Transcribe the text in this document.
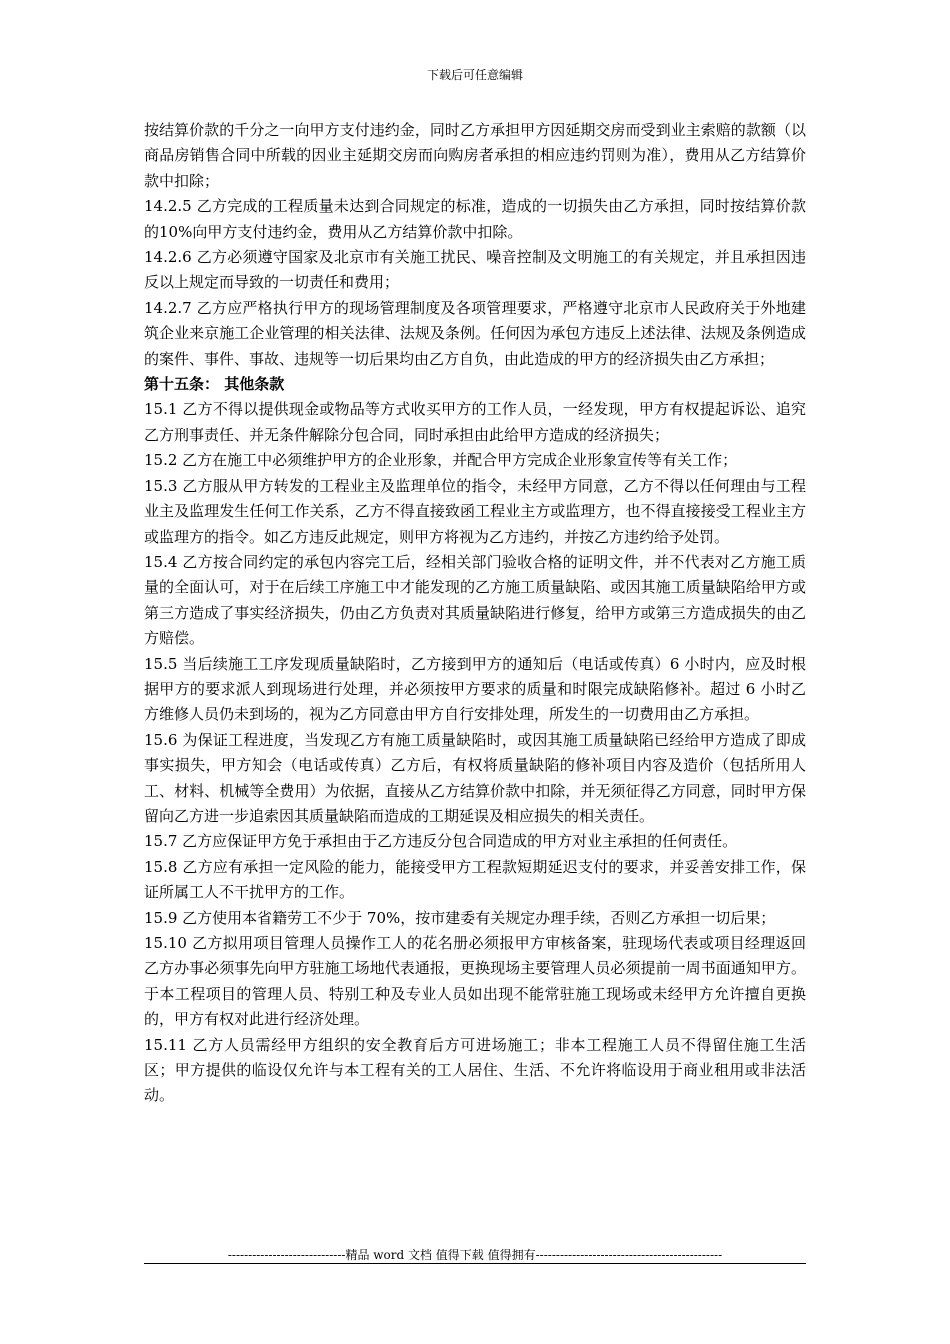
下载后可任意编辑

按结算价款的千分之一向甲方支付违约金，同时乙方承担甲方因延期交房而受到业主索赔的款额（以商品房销售合同中所载的因业主延期交房而向购房者承担的相应违约罚则为准），费用从乙方结算价款中扣除；

14.2.5 乙方完成的工程质量未达到合同规定的标准，造成的一切损失由乙方承担，同时按结算价款的10%向甲方支付违约金，费用从乙方结算价款中扣除。

14.2.6 乙方必须遵守国家及北京市有关施工扰民、噪音控制及文明施工的有关规定，并且承担因违反以上规定而导致的一切责任和费用；

14.2.7 乙方应严格执行甲方的现场管理制度及各项管理要求，严格遵守北京市人民政府关于外地建筑企业来京施工企业管理的相关法律、法规及条例。任何因为承包方违反上述法律、法规及条例造成的案件、事件、事故、违规等一切后果均由乙方自负，由此造成的甲方的经济损失由乙方承担；

第十五条： 其他条款

15.1 乙方不得以提供现金或物品等方式收买甲方的工作人员，一经发现，甲方有权提起诉讼、追究乙方刑事责任、并无条件解除分包合同，同时承担由此给甲方造成的经济损失；

15.2 乙方在施工中必须维护甲方的企业形象，并配合甲方完成企业形象宣传等有关工作；

15.3 乙方服从甲方转发的工程业主及监理单位的指令，未经甲方同意，乙方不得以任何理由与工程业主及监理发生任何工作关系，乙方不得直接致函工程业主方或监理方，也不得直接接受工程业主方或监理方的指令。如乙方违反此规定，则甲方将视为乙方违约，并按乙方违约给予处罚。

15.4 乙方按合同约定的承包内容完工后，经相关部门验收合格的证明文件，并不代表对乙方施工质量的全面认可，对于在后续工序施工中才能发现的乙方施工质量缺陷、或因其施工质量缺陷给甲方或第三方造成了事实经济损失，仍由乙方负责对其质量缺陷进行修复，给甲方或第三方造成损失的由乙方赔偿。

15.5 当后续施工工序发现质量缺陷时，乙方接到甲方的通知后（电话或传真）6 小时内，应及时根据甲方的要求派人到现场进行处理，并必须按甲方要求的质量和时限完成缺陷修补。超过 6 小时乙方维修人员仍未到场的，视为乙方同意由甲方自行安排处理，所发生的一切费用由乙方承担。

15.6 为保证工程进度，当发现乙方有施工质量缺陷时，或因其施工质量缺陷已经给甲方造成了即成事实损失，甲方知会（电话或传真）乙方后，有权将质量缺陷的修补项目内容及造价（包括所用人工、材料、机械等全费用）为依据，直接从乙方结算价款中扣除，并无须征得乙方同意，同时甲方保留向乙方进一步追索因其质量缺陷而造成的工期延误及相应损失的相关责任。

15.7 乙方应保证甲方免于承担由于乙方违反分包合同造成的甲方对业主承担的任何责任。

15.8 乙方应有承担一定风险的能力，能接受甲方工程款短期延迟支付的要求，并妥善安排工作，保证所属工人不干扰甲方的工作。

15.9 乙方使用本省籍劳工不少于 70%，按市建委有关规定办理手续，否则乙方承担一切后果；

15.10 乙方拟用项目管理人员操作工人的花名册必须报甲方审核备案，驻现场代表或项目经理返回乙方办事必须事先向甲方驻施工场地代表通报，更换现场主要管理人员必须提前一周书面通知甲方。于本工程项目的管理人员、特别工种及专业人员如出现不能常驻施工现场或未经甲方允许擅自更换的，甲方有权对此进行经济处理。

15.11 乙方人员需经甲方组织的安全教育后方可进场施工；非本工程施工人员不得留住施工生活区；甲方提供的临设仅允许与本工程有关的工人居住、生活、不允许将临设用于商业租用或非法活动。

-----------------------------精品 word 文档 值得下载 值得拥有----------------------------------------------
